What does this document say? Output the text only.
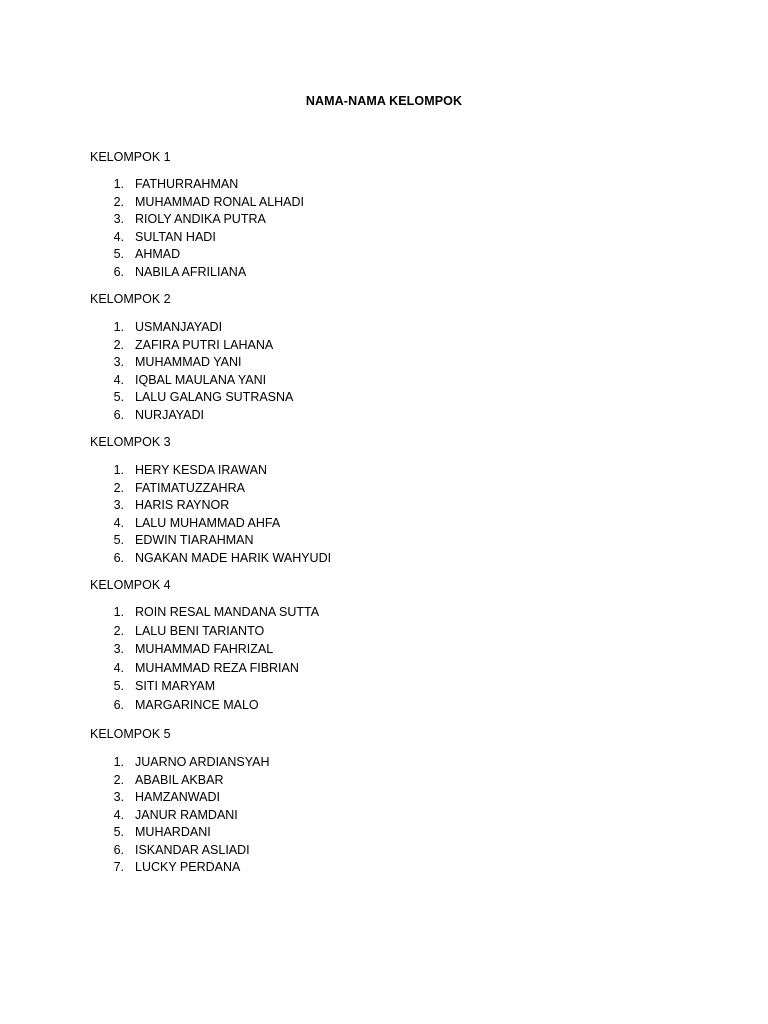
NAMA-NAMA KELOMPOK
KELOMPOK 1
1. FATHURRAHMAN
2. MUHAMMAD RONAL ALHADI
3. RIOLY ANDIKA PUTRA
4. SULTAN HADI
5. AHMAD
6. NABILA AFRILIANA
KELOMPOK 2
1. USMANJAYADI
2. ZAFIRA PUTRI LAHANA
3. MUHAMMAD YANI
4. IQBAL MAULANA YANI
5. LALU GALANG SUTRASNA
6. NURJAYADI
KELOMPOK 3
1. HERY KESDA IRAWAN
2. FATIMATUZZAHRA
3. HARIS RAYNOR
4. LALU MUHAMMAD AHFA
5. EDWIN TIARAHMAN
6. NGAKAN MADE HARIK WAHYUDI
KELOMPOK 4
1. ROIN RESAL MANDANA SUTTA
2. LALU BENI TARIANTO
3. MUHAMMAD FAHRIZAL
4. MUHAMMAD REZA FIBRIAN
5. SITI MARYAM
6. MARGARINCE MALO
KELOMPOK 5
1. JUARNO ARDIANSYAH
2. ABABIL AKBAR
3. HAMZANWADI
4. JANUR RAMDANI
5. MUHARDANI
6. ISKANDAR ASLIADI
7. LUCKY PERDANA
